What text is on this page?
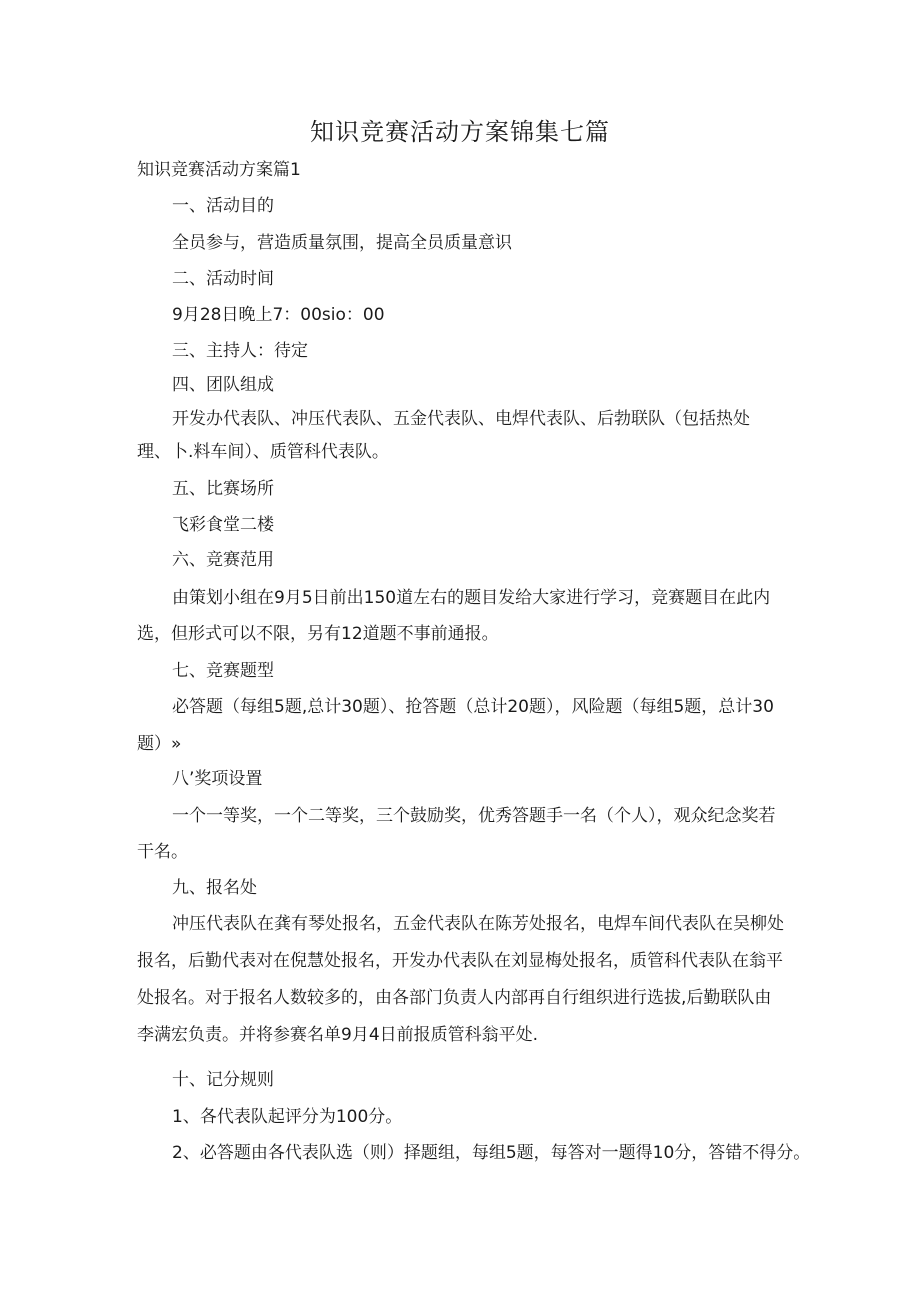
知识竞赛活动方案锦集七篇
知识竞赛活动方案篇1
一、活动目的
全员参与，营造质量氛围，提高全员质量意识
二、活动时间
9月28日晚上7：00sio：00
三、主持人：待定
四、团队组成
开发办代表队、冲压代表队、五金代表队、电焊代表队、后勃联队（包括热处
理、卜.料车间）、质管科代表队。
五、比赛场所
飞彩食堂二楼
六、竞赛范用
由策划小组在9月5日前出150道左右的题目发给大家进行学习，竞赛题目在此内
选，但形式可以不限，另有12道题不事前通报。
七、竞赛题型
必答题（每组5题,总计30题）、抢答题（总计20题），风险题（每组5题，总计30
题）»
八’奖项设置
一个一等奖，一个二等奖，三个鼓励奖，优秀答题手一名（个人），观众纪念奖若
干名。
九、报名处
冲压代表队在龚有琴处报名，五金代表队在陈芳处报名，电焊车间代表队在吴柳处
报名，后勤代表对在倪慧处报名，开发办代表队在刘显梅处报名，质管科代表队在翁平
处报名。对于报名人数较多的，由各部门负责人内部再自行组织进行选拔,后勤联队由
李满宏负责。并将参赛名单9月4日前报质管科翁平处.
十、记分规则
1、各代表队起评分为100分。
2、必答题由各代表队选（则）择题组，每组5题，每答对一题得10分，答错不得分。
